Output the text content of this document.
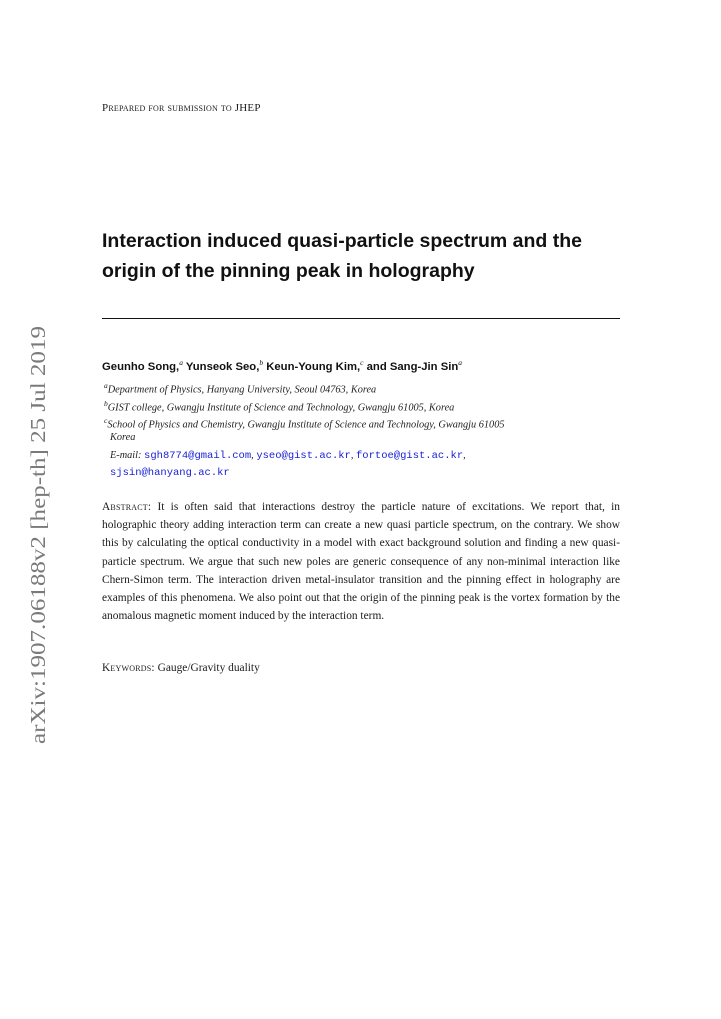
arXiv:1907.06188v2 [hep-th] 25 Jul 2019
Prepared for submission to JHEP
Interaction induced quasi-particle spectrum and the
origin of the pinning peak in holography
Geunho Song,$^a$ Yunseok Seo,$^b$ Keun-Young Kim,$^c$ and Sang-Jin Sin$^a$
$^a$Department of Physics, Hanyang University, Seoul 04763, Korea
$^b$GIST college, Gwangju Institute of Science and Technology, Gwangju 61005, Korea
$^c$School of Physics and Chemistry, Gwangju Institute of Science and Technology, Gwangju 61005
Korea
E-mail: sgh8774@gmail.com, yseo@gist.ac.kr, fortoe@gist.ac.kr,
sjsin@hanyang.ac.kr
Abstract: It is often said that interactions destroy the particle nature of excitations. We report that, in holographic theory adding interaction term can create a new quasi particle spectrum, on the contrary. We show this by calculating the optical conductivity in a model with exact background solution and finding a new quasi-particle spectrum. We argue that such new poles are generic consequence of any non-minimal interaction like Chern-Simon term. The interaction driven metal-insulator transition and the pinning effect in holography are examples of this phenomena. We also point out that the origin of the pinning peak is the vortex formation by the anomalous magnetic moment induced by the interaction term.
Keywords: Gauge/Gravity duality
